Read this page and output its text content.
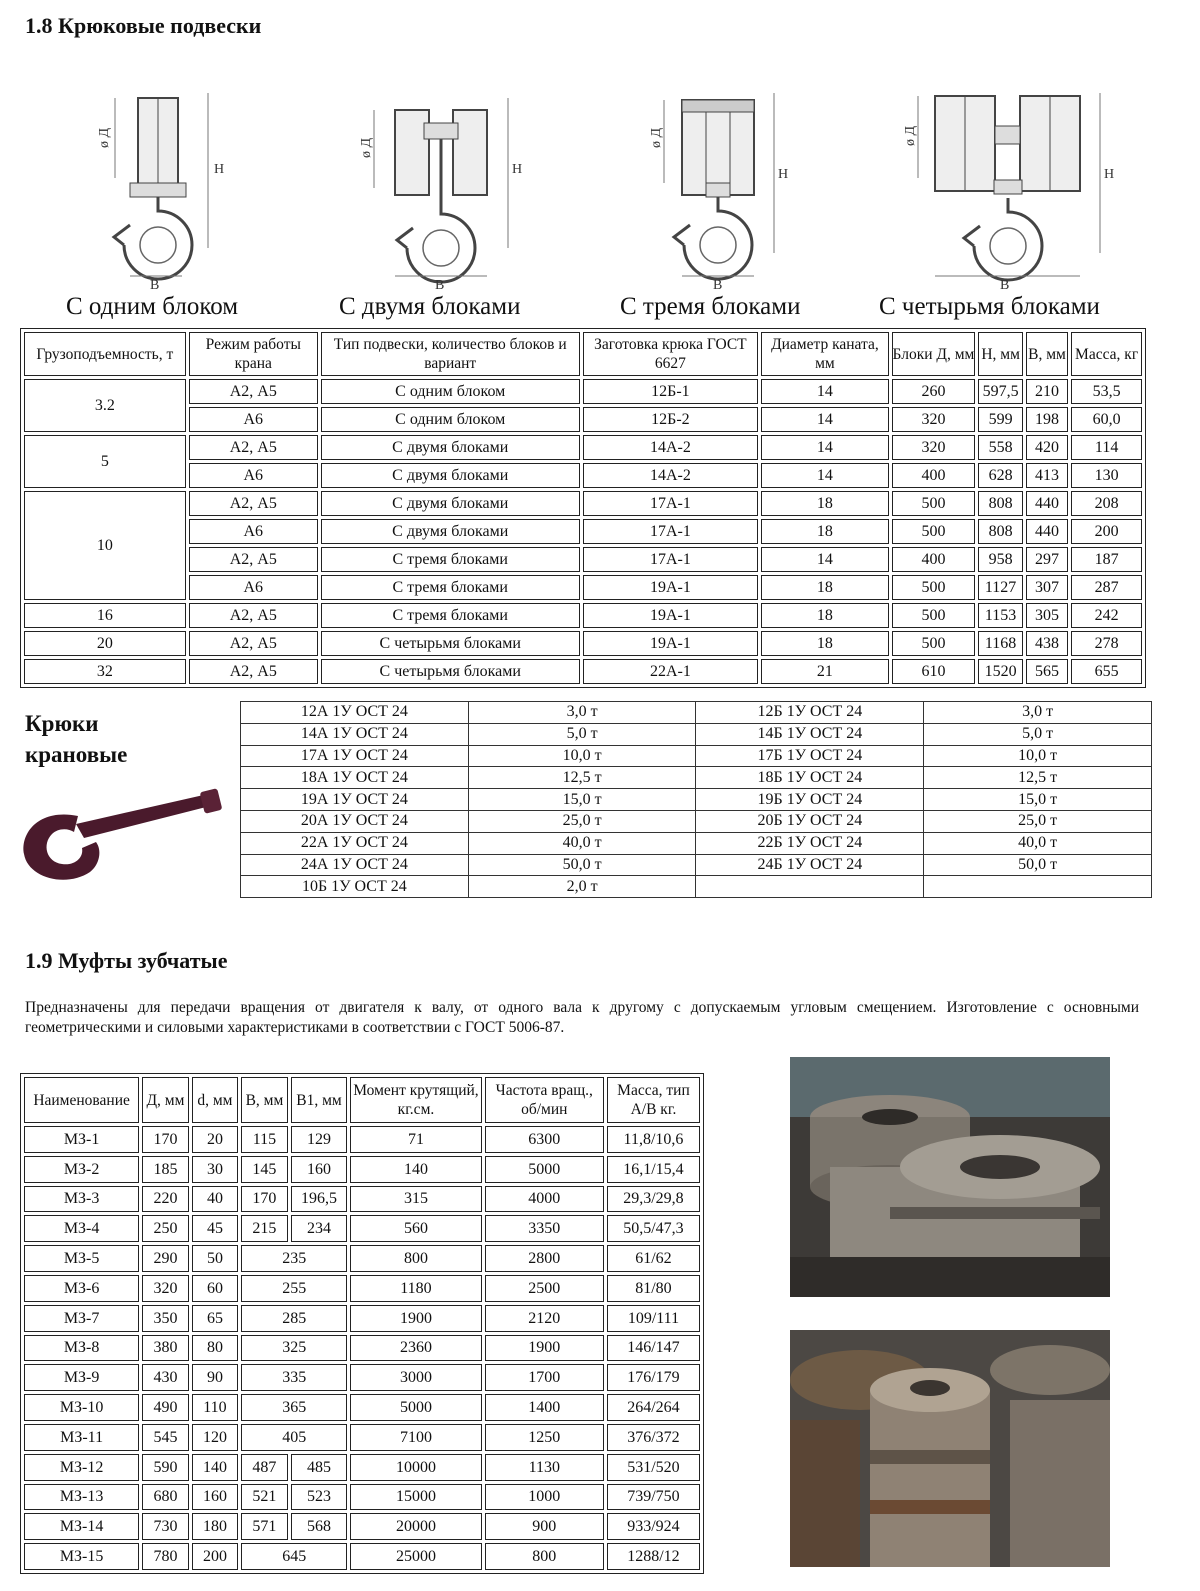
1.8 Крюковые подвески
ø Д
Н
В
ø Д
Н
В
ø Д
Н
В
ø Д
Н
В
С одним блоком	С двумя блоками	С тремя блоками	С четырьмя блоками
Грузоподъемность, т	Режим работы крана	Тип подвески, количество блоков и вариант	Заготовка крюка ГОСТ 6627	Диаметр каната, мм	Блоки Д, мм	Н, мм	В, мм	Масса, кг
3.2	А2, А5	С одним блоком	12Б-1	14	260	597,5	210	53,5
	А6	С одним блоком	12Б-2	14	320	599	198	60,0
5	А2, А5	С двумя блоками	14А-2	14	320	558	420	114
	А6	С двумя блоками	14А-2	14	400	628	413	130
10	А2, А5	С двумя блоками	17А-1	18	500	808	440	208
	А6	С двумя блоками	17А-1	18	500	808	440	200
	А2, А5	С тремя блоками	17А-1	14	400	958	297	187
	А6	С тремя блоками	19А-1	18	500	1127	307	287
16	А2, А5	С тремя блоками	19А-1	18	500	1153	305	242
20	А2, А5	С четырьмя блоками	19А-1	18	500	1168	438	278
32	А2, А5	С четырьмя блоками	22А-1	21	610	1520	565	655
Крюки
крановые
12А 1У ОСТ 24	3,0 т	12Б 1У ОСТ 24	3,0 т
14А 1У ОСТ 24	5,0 т	14Б 1У ОСТ 24	5,0 т
17А 1У ОСТ 24	10,0 т	17Б 1У ОСТ 24	10,0 т
18А 1У ОСТ 24	12,5 т	18Б 1У ОСТ 24	12,5 т
19А 1У ОСТ 24	15,0 т	19Б 1У ОСТ 24	15,0 т
20А 1У ОСТ 24	25,0 т	20Б 1У ОСТ 24	25,0 т
22А 1У ОСТ 24	40,0 т	22Б 1У ОСТ 24	40,0 т
24А 1У ОСТ 24	50,0 т	24Б 1У ОСТ 24	50,0 т
10Б 1У ОСТ 24	2,0 т		
1.9 Муфты зубчатые
Предназначены для передачи вращения от двигателя к валу, от одного вала к другому с допускаемым угловым смещением. Изготовление с основными геометрическими и силовыми характеристиками в соответствии с ГОСТ 5006-87.
Наименование	Д, мм	d, мм	B, мм	B1, мм	Момент крутящий, кг.см.	Частота вращ., об/мин	Масса, тип А/В кг.
МЗ-1	170	20	115	129	71	6300	11,8/10,6
МЗ-2	185	30	145	160	140	5000	16,1/15,4
МЗ-3	220	40	170	196,5	315	4000	29,3/29,8
МЗ-4	250	45	215	234	560	3350	50,5/47,3
МЗ-5	290	50	235		800	2800	61/62
МЗ-6	320	60	255		1180	2500	81/80
МЗ-7	350	65	285		1900	2120	109/111
МЗ-8	380	80	325		2360	1900	146/147
МЗ-9	430	90	335		3000	1700	176/179
МЗ-10	490	110	365		5000	1400	264/264
МЗ-11	545	120	405		7100	1250	376/372
МЗ-12	590	140	487	485	10000	1130	531/520
МЗ-13	680	160	521	523	15000	1000	739/750
МЗ-14	730	180	571	568	20000	900	933/924
МЗ-15	780	200	645		25000	800	1288/12
